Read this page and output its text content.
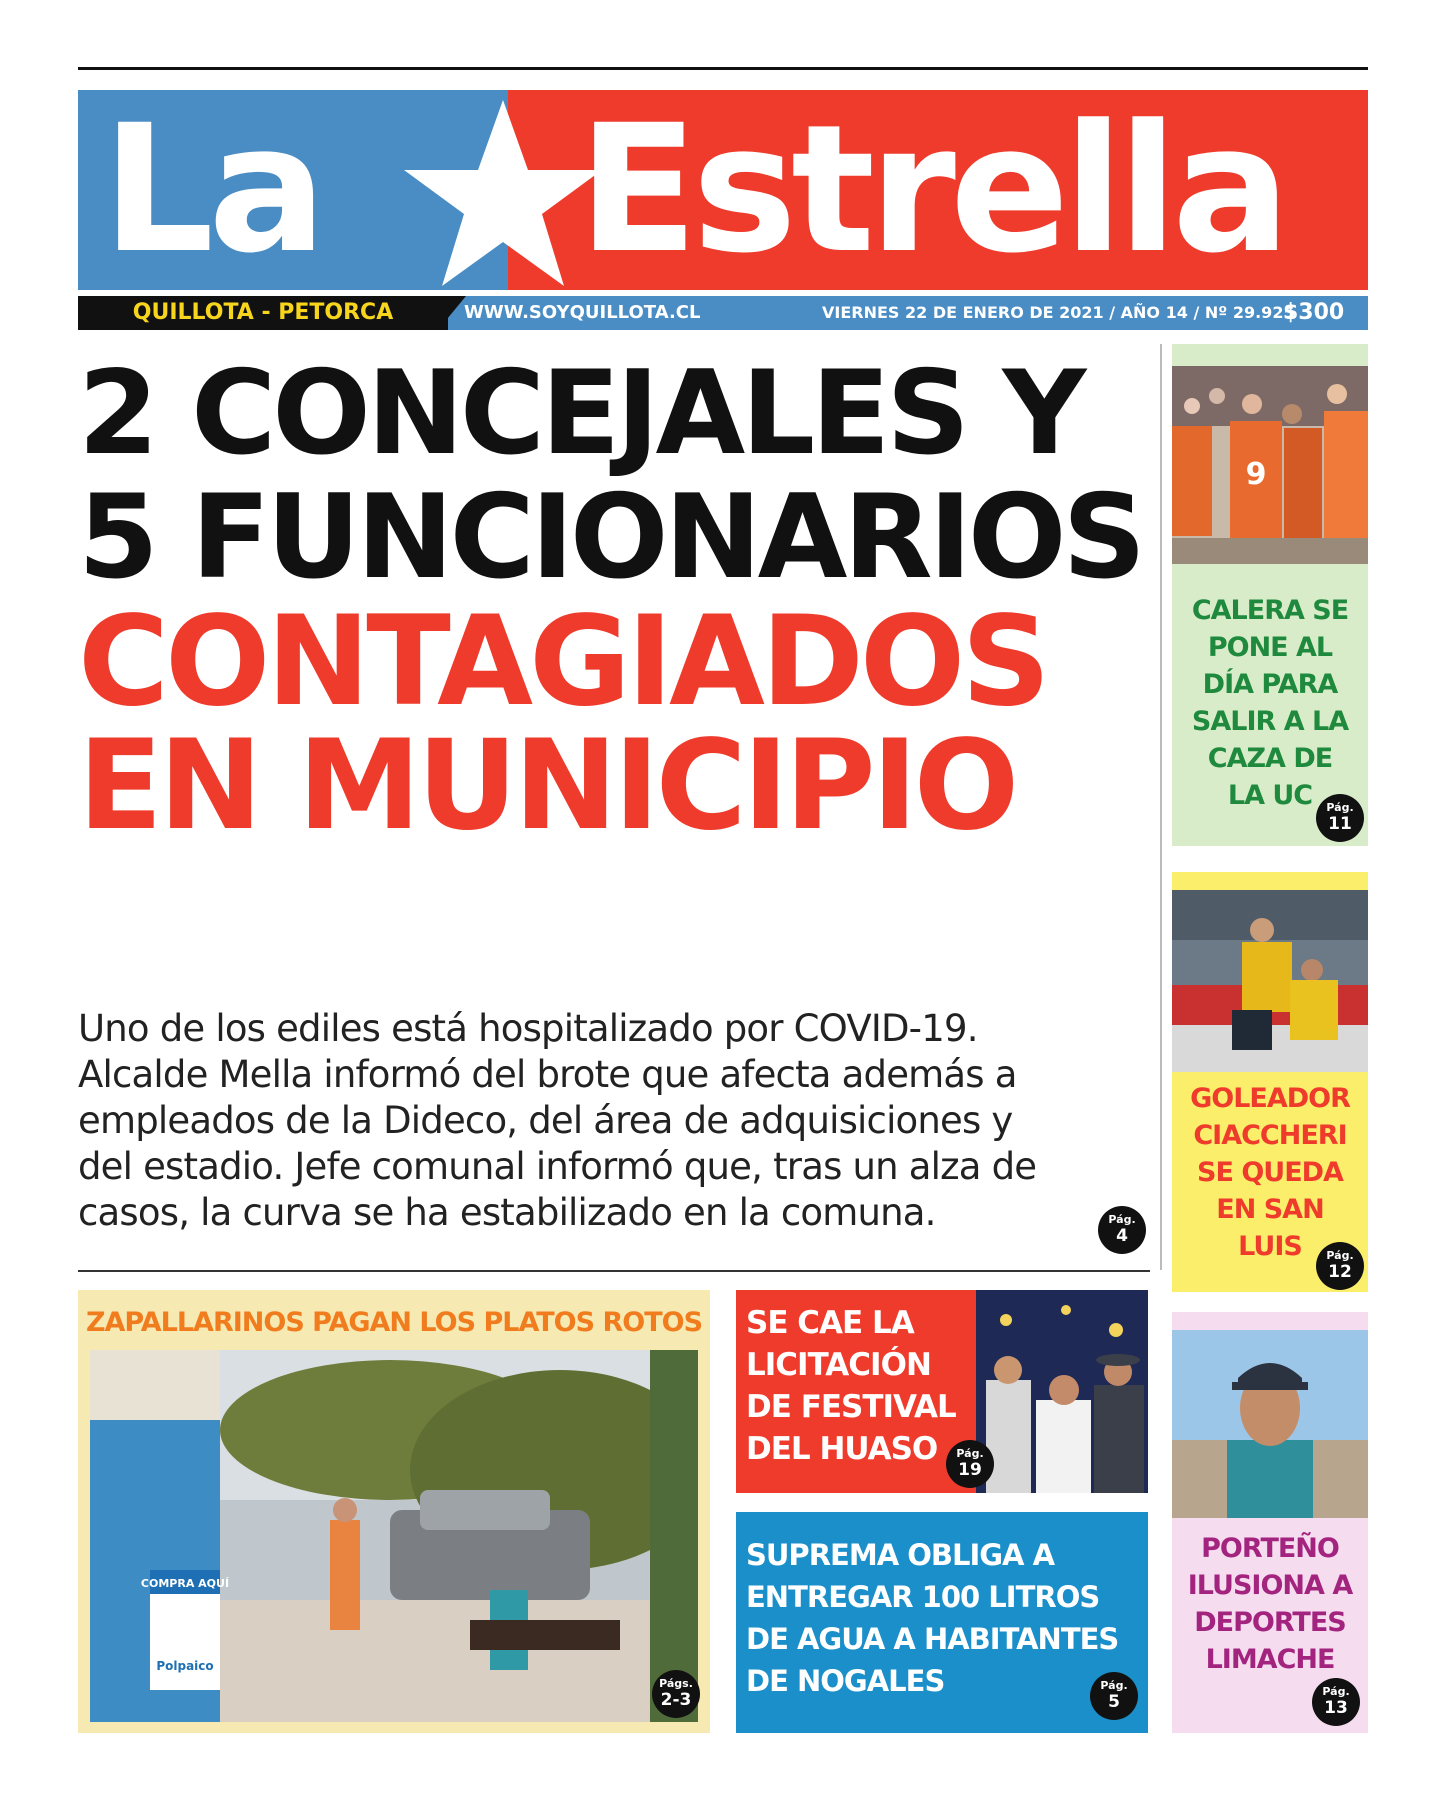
La Estrella
QUILLOTA - PETORCA	WWW.SOYQUILLOTA.CL	VIERNES 22 DE ENERO DE 2021 / AÑO 14 / Nº 29.925
$300
2 CONCEJALES Y
5 FUNCIONARIOS
CONTAGIADOS
EN MUNICIPIO
Uno de los ediles está hospitalizado por COVID-19.
Alcalde Mella informó del brote que afecta además a
empleados de la Dideco, del área de adquisiciones y
del estadio. Jefe comunal informó que, tras un alza de
casos, la curva se ha estabilizado en la comuna.	Pág.
4
9
CALERA SE
PONE AL
DÍA PARA
SALIR A LA
CAZA DE
LA UC	Pág.
11
GOLEADOR
CIACCHERI
SE QUEDA
EN SAN
LUIS	Pág.
12
PORTEÑO
ILUSIONA A
DEPORTES
LIMACHE
Pág.
13
ZAPALLARINOS PAGAN LOS PLATOS ROTOS
COMPRA AQUÍ
Polpaico
Págs.
2-3
SE CAE LA
LICITACIÓN
DE FESTIVAL
DEL HUASO	Pág.
19
SUPREMA OBLIGA A
ENTREGAR 100 LITROS
DE AGUA A HABITANTES
DE NOGALES	Pág.
5
